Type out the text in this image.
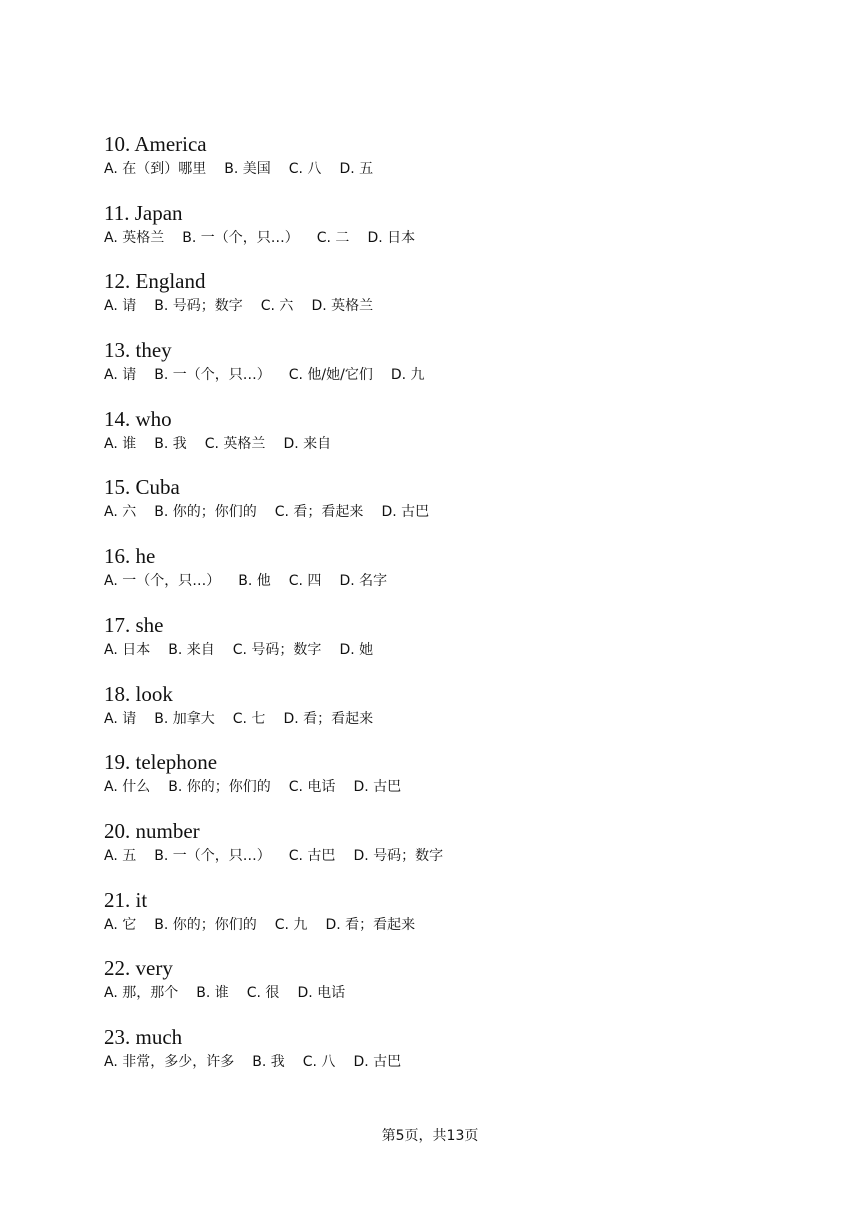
10. America
A. 在（到）哪里 B. 美国 C. 八 D. 五
11. Japan
A. 英格兰 B. 一（个，只…） C. 二 D. 日本
12. England
A. 请 B. 号码；数字 C. 六 D. 英格兰
13. they
A. 请 B. 一（个，只…） C. 他/她/它们 D. 九
14. who
A. 谁 B. 我 C. 英格兰 D. 来自
15. Cuba
A. 六 B. 你的；你们的 C. 看；看起来 D. 古巴
16. he
A. 一（个，只…） B. 他 C. 四 D. 名字
17. she
A. 日本 B. 来自 C. 号码；数字 D. 她
18. look
A. 请 B. 加拿大 C. 七 D. 看；看起来
19. telephone
A. 什么 B. 你的；你们的 C. 电话 D. 古巴
20. number
A. 五 B. 一（个，只…） C. 古巴 D. 号码；数字
21. it
A. 它 B. 你的；你们的 C. 九 D. 看；看起来
22. very
A. 那，那个 B. 谁 C. 很 D. 电话
23. much
A. 非常，多少，许多 B. 我 C. 八 D. 古巴
第5页，共13页
